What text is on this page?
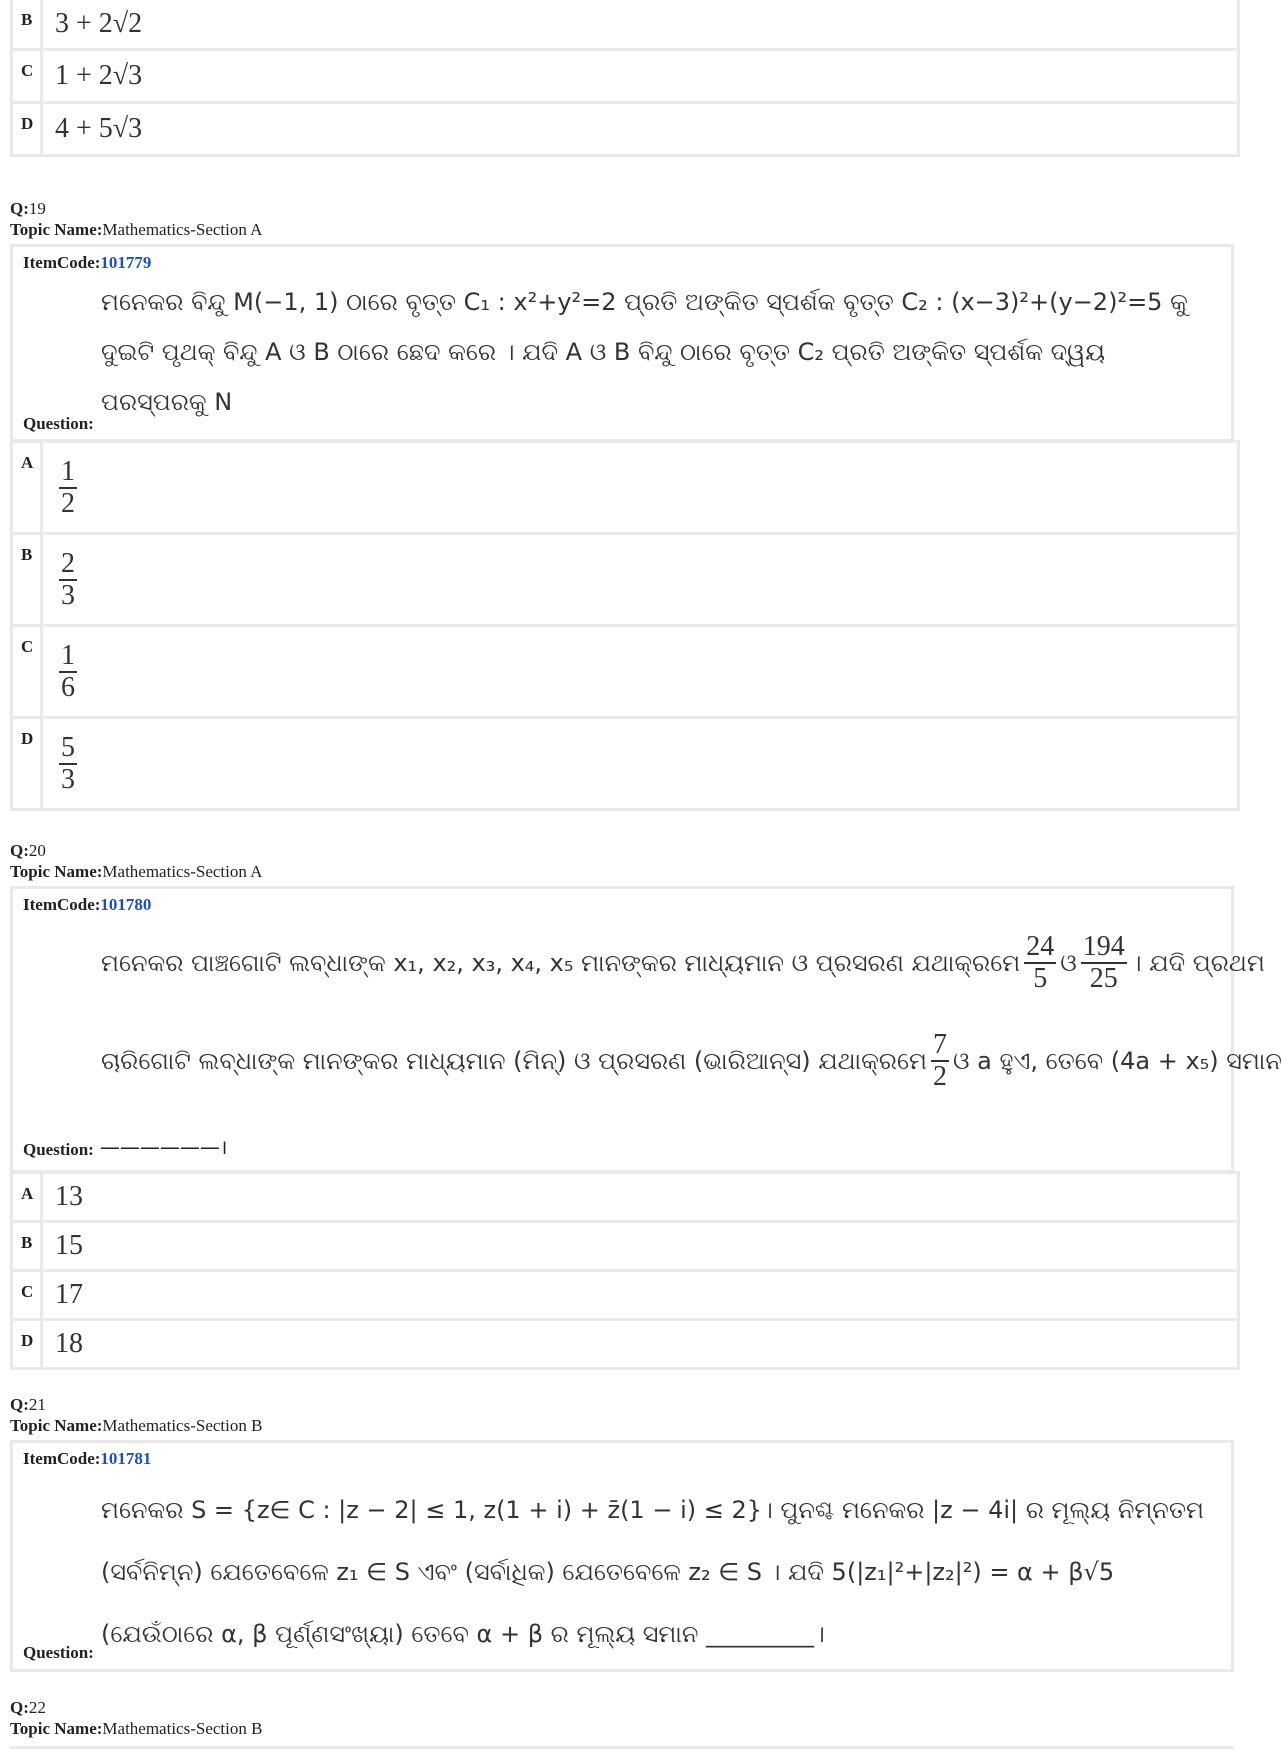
B 3 + 2√2
C 1 + 2√3
D 4 + 5√3
Q:19
Topic Name:Mathematics-Section A
ItemCode:101779
ମନେକର ବିନ୍ଦୁ M(−1, 1) ଠାରେ ବୃତ୍ତ C₁ : x²+y²=2 ପ୍ରତି ଅଙ୍କିତ ସ୍ପର୍ଶକ ବୃତ୍ତ C₂ : (x−3)²+(y−2)²=5 କୁ
ଦୁଇଟି ପୃଥକ୍ ବିନ୍ଦୁ A ଓ B ଠାରେ ଛେଦ କରେ । ଯଦି A ଓ B ବିନ୍ଦୁ ଠାରେ ବୃତ୍ତ C₂ ପ୍ରତି ଅଙ୍କିତ ସ୍ପର୍ଶକ ଦ୍ୱୟ ପରସ୍ପରକୁ N
Question:
A $\frac{1}{2}$
B $\frac{2}{3}$
C $\frac{1}{6}$
D $\frac{5}{3}$
Q:20
Topic Name:Mathematics-Section A
ItemCode:101780
ମନେକର ପାଞ୍ଚଗୋଟି ଲବ୍ଧାଙ୍କ x₁, x₂, x₃, x₄, x₅ ମାନଙ୍କର ମାଧ୍ୟମାନ ଓ ପ୍ରସରଣ ଯଥାକ୍ରମେ $\frac{24}{5}$ ଓ $\frac{194}{25}$ । ଯଦି ପ୍ରଥମ
ଚାରିଗୋଟି ଲବ୍ଧାଙ୍କ ମାନଙ୍କର ମାଧ୍ୟମାନ (ମିନ୍) ଓ ପ୍ରସରଣ (ଭାରିଆନ୍ସ) ଯଥାକ୍ରମେ $\frac{7}{2}$ ଓ a ହୁଏ, ତେବେ (4a + x₅) ସମାନ
Question: ——————।
A 13
B 15
C 17
D 18
Q:21
Topic Name:Mathematics-Section B
ItemCode:101781
ମନେକର S = {z∈ C : |z − 2| ≤ 1, z(1 + i) + z̄(1 − i) ≤ 2}। ପୁନଶ୍ଚ ମନେକର |z − 4i| ର ମୂଲ୍ୟ ନିମ୍ନତମ
(ସର୍ବନିମ୍ନ) ଯେତେବେଳେ z₁ ∈ S ଏବଂ (ସର୍ବାଧିକ) ଯେତେବେଳେ z₂ ∈ S । ଯଦି 5(|z₁|²+|z₂|²) = α + β√5
(ଯେଉଁଠାରେ α, β ପୂର୍ଣ୍ଣସଂଖ୍ୟା) ତେବେ α + β ର ମୂଲ୍ୟ ସମାନ _________।
Question:
Q:22
Topic Name:Mathematics-Section B
